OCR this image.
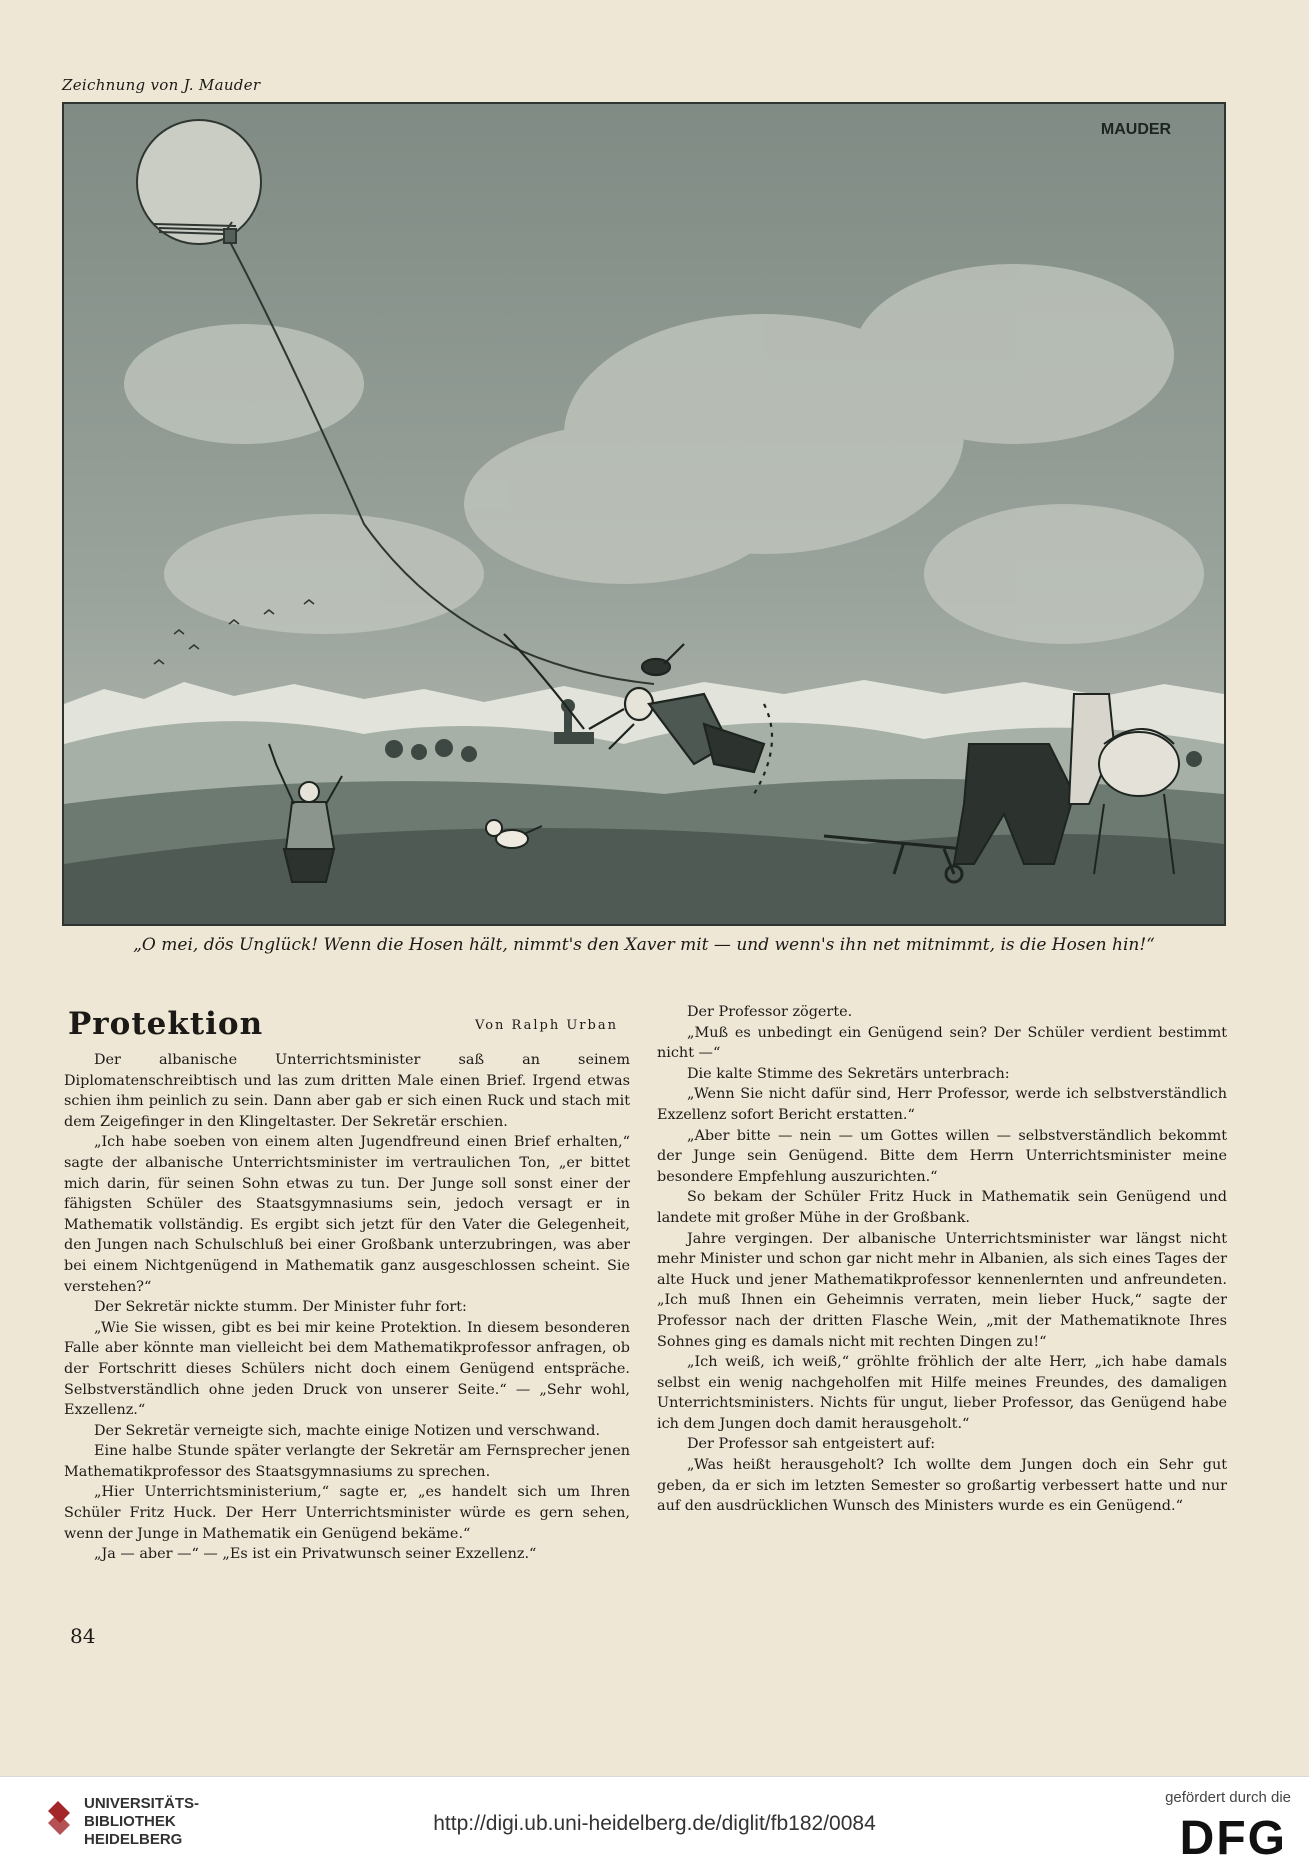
Zeichnung von J. Mauder
MAUDER
„O mei, dös Unglück! Wenn die Hosen hält, nimmt's den Xaver mit — und wenn's ihn net mitnimmt, is die Hosen hin!“
Protektion	Von Ralph Urban

Der albanische Unterrichtsminister saß an seinem Diplomatenschreibtisch und las zum dritten Male einen Brief. Irgend etwas schien ihm peinlich zu sein. Dann aber gab er sich einen Ruck und stach mit dem Zeigefinger in den Klingeltaster. Der Sekretär erschien.

„Ich habe soeben von einem alten Jugendfreund einen Brief erhalten,“ sagte der albanische Unterrichtsminister im vertraulichen Ton, „er bittet mich darin, für seinen Sohn etwas zu tun. Der Junge soll sonst einer der fähigsten Schüler des Staatsgymnasiums sein, jedoch versagt er in Mathematik vollständig. Es ergibt sich jetzt für den Vater die Gelegenheit, den Jungen nach Schulschluß bei einer Großbank unterzubringen, was aber bei einem Nichtgenügend in Mathematik ganz ausgeschlossen scheint. Sie verstehen?“

Der Sekretär nickte stumm. Der Minister fuhr fort:

„Wie Sie wissen, gibt es bei mir keine Protektion. In diesem besonderen Falle aber könnte man vielleicht bei dem Mathematikprofessor anfragen, ob der Fortschritt dieses Schülers nicht doch einem Genügend entspräche. Selbstverständlich ohne jeden Druck von unserer Seite.“ — „Sehr wohl, Exzellenz.“

Der Sekretär verneigte sich, machte einige Notizen und verschwand.

Eine halbe Stunde später verlangte der Sekretär am Fernsprecher jenen Mathematikprofessor des Staatsgymnasiums zu sprechen.

„Hier Unterrichtsministerium,“ sagte er, „es handelt sich um Ihren Schüler Fritz Huck. Der Herr Unterrichtsminister würde es gern sehen, wenn der Junge in Mathematik ein Genügend bekäme.“

„Ja — aber —“ — „Es ist ein Privatwunsch seiner Exzellenz.“

Der Professor zögerte.

„Muß es unbedingt ein Genügend sein? Der Schüler verdient bestimmt nicht —“

Die kalte Stimme des Sekretärs unterbrach:

„Wenn Sie nicht dafür sind, Herr Professor, werde ich selbstverständlich Exzellenz sofort Bericht erstatten.“

„Aber bitte — nein — um Gottes willen — selbstverständlich bekommt der Junge sein Genügend. Bitte dem Herrn Unterrichtsminister meine besondere Empfehlung auszurichten.“

So bekam der Schüler Fritz Huck in Mathematik sein Genügend und landete mit großer Mühe in der Großbank.

Jahre vergingen. Der albanische Unterrichtsminister war längst nicht mehr Minister und schon gar nicht mehr in Albanien, als sich eines Tages der alte Huck und jener Mathematikprofessor kennenlernten und anfreundeten. „Ich muß Ihnen ein Geheimnis verraten, mein lieber Huck,“ sagte der Professor nach der dritten Flasche Wein, „mit der Mathematiknote Ihres Sohnes ging es damals nicht mit rechten Dingen zu!“

„Ich weiß, ich weiß,“ gröhlte fröhlich der alte Herr, „ich habe damals selbst ein wenig nachgeholfen mit Hilfe meines Freundes, des damaligen Unterrichtsministers. Nichts für ungut, lieber Professor, das Genügend habe ich dem Jungen doch damit herausgeholt.“

Der Professor sah entgeistert auf:

„Was heißt herausgeholt? Ich wollte dem Jungen doch ein Sehr gut geben, da er sich im letzten Semester so großartig verbessert hatte und nur auf den ausdrücklichen Wunsch des Ministers wurde es ein Genügend.“

84
UNIVERSITÄTS-
BIBLIOTHEK
HEIDELBERG
http://digi.ub.uni-heidelberg.de/diglit/fb182/0084
gefördert durch die
DFG
